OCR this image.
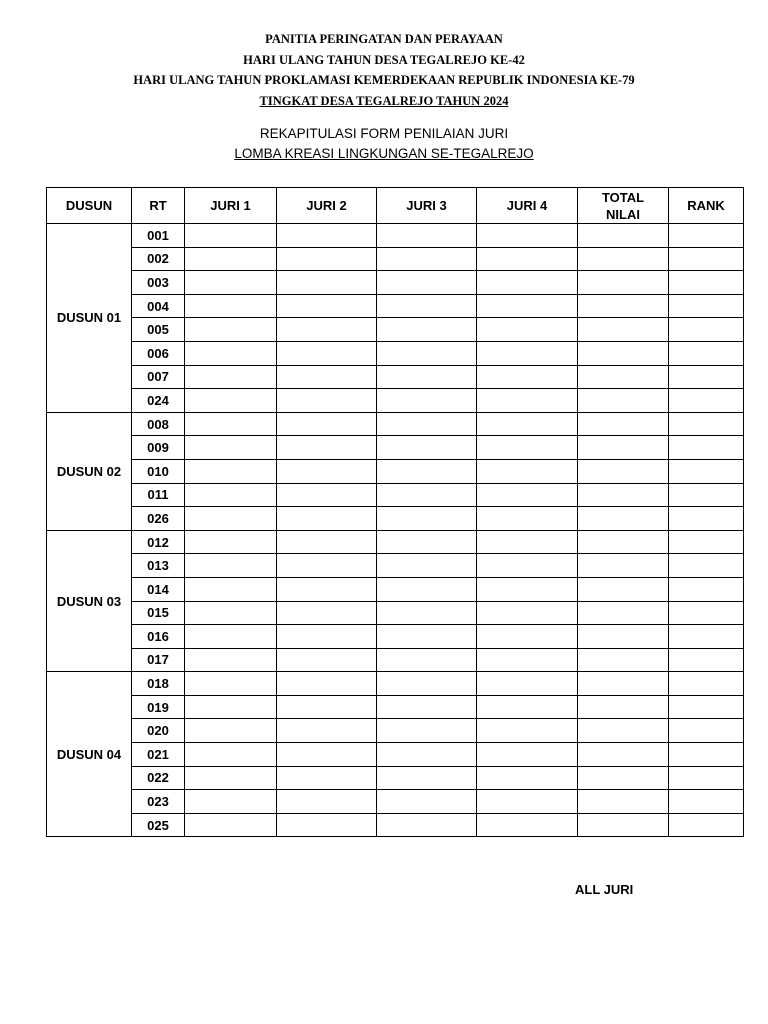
PANITIA PERINGATAN DAN PERAYAAN
HARI ULANG TAHUN DESA TEGALREJO KE-42
HARI ULANG TAHUN PROKLAMASI KEMERDEKAAN REPUBLIK INDONESIA KE-79
TINGKAT DESA TEGALREJO TAHUN 2024
REKAPITULASI FORM PENILAIAN JURI
LOMBA KREASI LINGKUNGAN SE-TEGALREJO
DUSUN	RT	JURI 1	JURI 2	JURI 3	JURI 4	TOTAL NILAI	RANK
DUSUN 01	001						
	002						
	003						
	004						
	005						
	006						
	007						
	024						
DUSUN 02	008						
	009						
	010						
	011						
	026						
DUSUN 03	012						
	013						
	014						
	015						
	016						
	017						
DUSUN 04	018						
	019						
	020						
	021						
	022						
	023						
	025						
ALL JURI
